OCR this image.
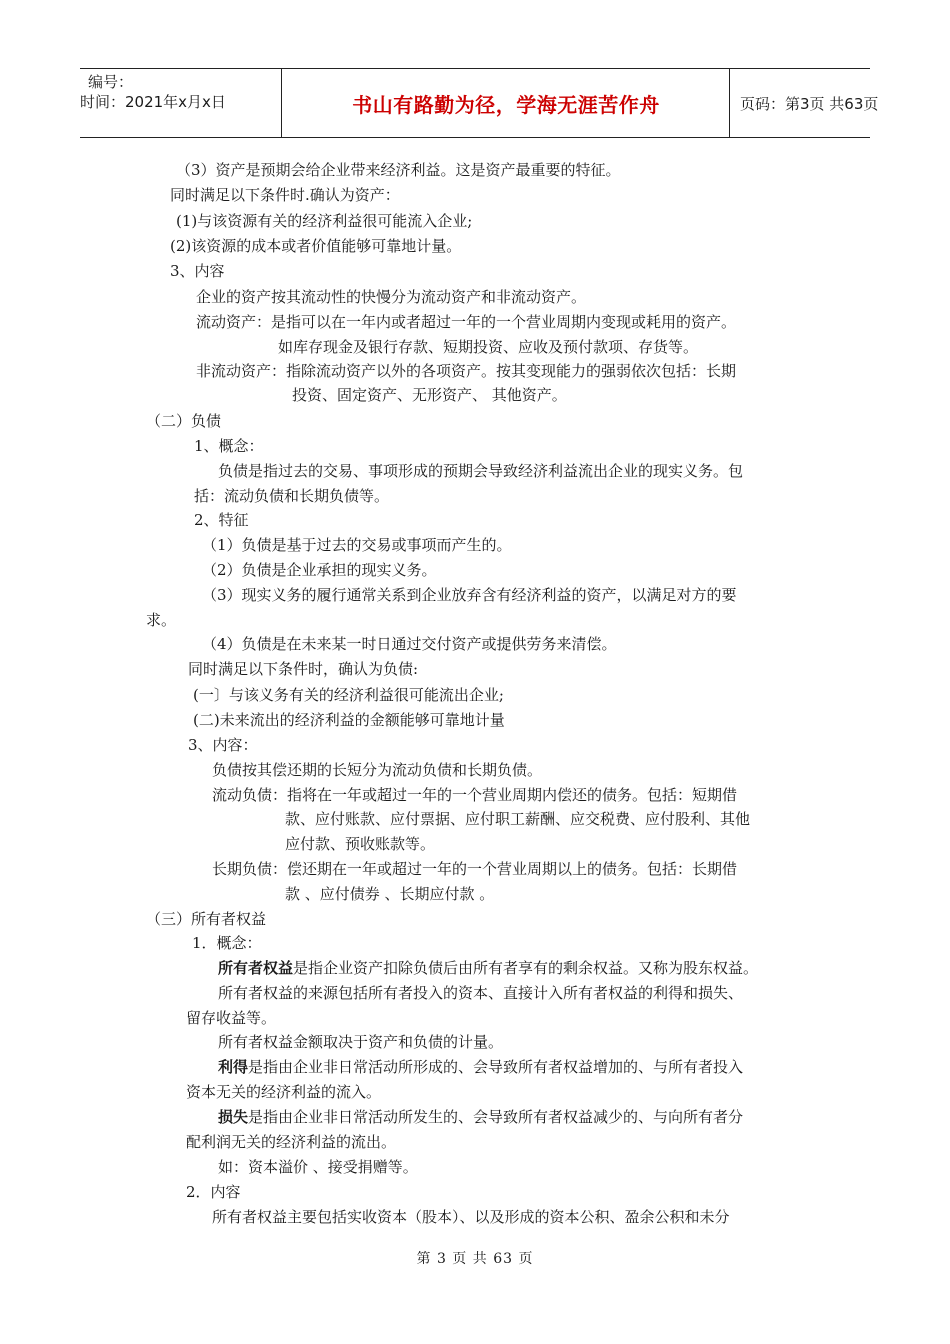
编号：
时间：2021年x月x日	书山有路勤为径，学海无涯苦作舟	页码：第3页 共63页
（3）资产是预期会给企业带来经济利益。这是资产最重要的特征。
同时满足以下条件时.确认为资产：
(1)与该资源有关的经济利益很可能流入企业;
(2)该资源的成本或者价值能够可靠地计量。
3、内容
企业的资产按其流动性的快慢分为流动资产和非流动资产。
流动资产：是指可以在一年内或者超过一年的一个营业周期内变现或耗用的资产。
如库存现金及银行存款、短期投资、应收及预付款项、存货等。
非流动资产：指除流动资产以外的各项资产。按其变现能力的强弱依次包括：长期
投资、固定资产、无形资产、 其他资产。
（二）负债
1、概念：
负债是指过去的交易、事项形成的预期会导致经济利益流出企业的现实义务。包
括：流动负债和长期负债等。
2、特征
（1）负债是基于过去的交易或事项而产生的。
（2）负债是企业承担的现实义务。
（3）现实义务的履行通常关系到企业放弃含有经济利益的资产，以满足对方的要
求。
（4）负债是在未来某一时日通过交付资产或提供劳务来清偿。
同时满足以下条件时，确认为负债:
(一〕与该义务有关的经济利益很可能流出企业;
(二)未来流出的经济利益的金额能够可靠地计量
3、内容：
负债按其偿还期的长短分为流动负债和长期负债。
流动负债：指将在一年或超过一年的一个营业周期内偿还的债务。包括：短期借
款、应付账款、应付票据、应付职工薪酬、应交税费、应付股利、其他
应付款、预收账款等。
长期负债：偿还期在一年或超过一年的一个营业周期以上的债务。包括：长期借
款 、应付债券 、长期应付款 。
（三）所有者权益
1．概念：
所有者权益是指企业资产扣除负债后由所有者享有的剩余权益。又称为股东权益。
所有者权益的来源包括所有者投入的资本、直接计入所有者权益的利得和损失、
留存收益等。
所有者权益金额取决于资产和负债的计量。
利得是指由企业非日常活动所形成的、会导致所有者权益增加的、与所有者投入
资本无关的经济利益的流入。
损失是指由企业非日常活动所发生的、会导致所有者权益减少的、与向所有者分
配利润无关的经济利益的流出。
如：资本溢价 、接受捐赠等。
2．内容
所有者权益主要包括实收资本（股本）、以及形成的资本公积、盈余公积和未分
第 3 页 共 63 页
